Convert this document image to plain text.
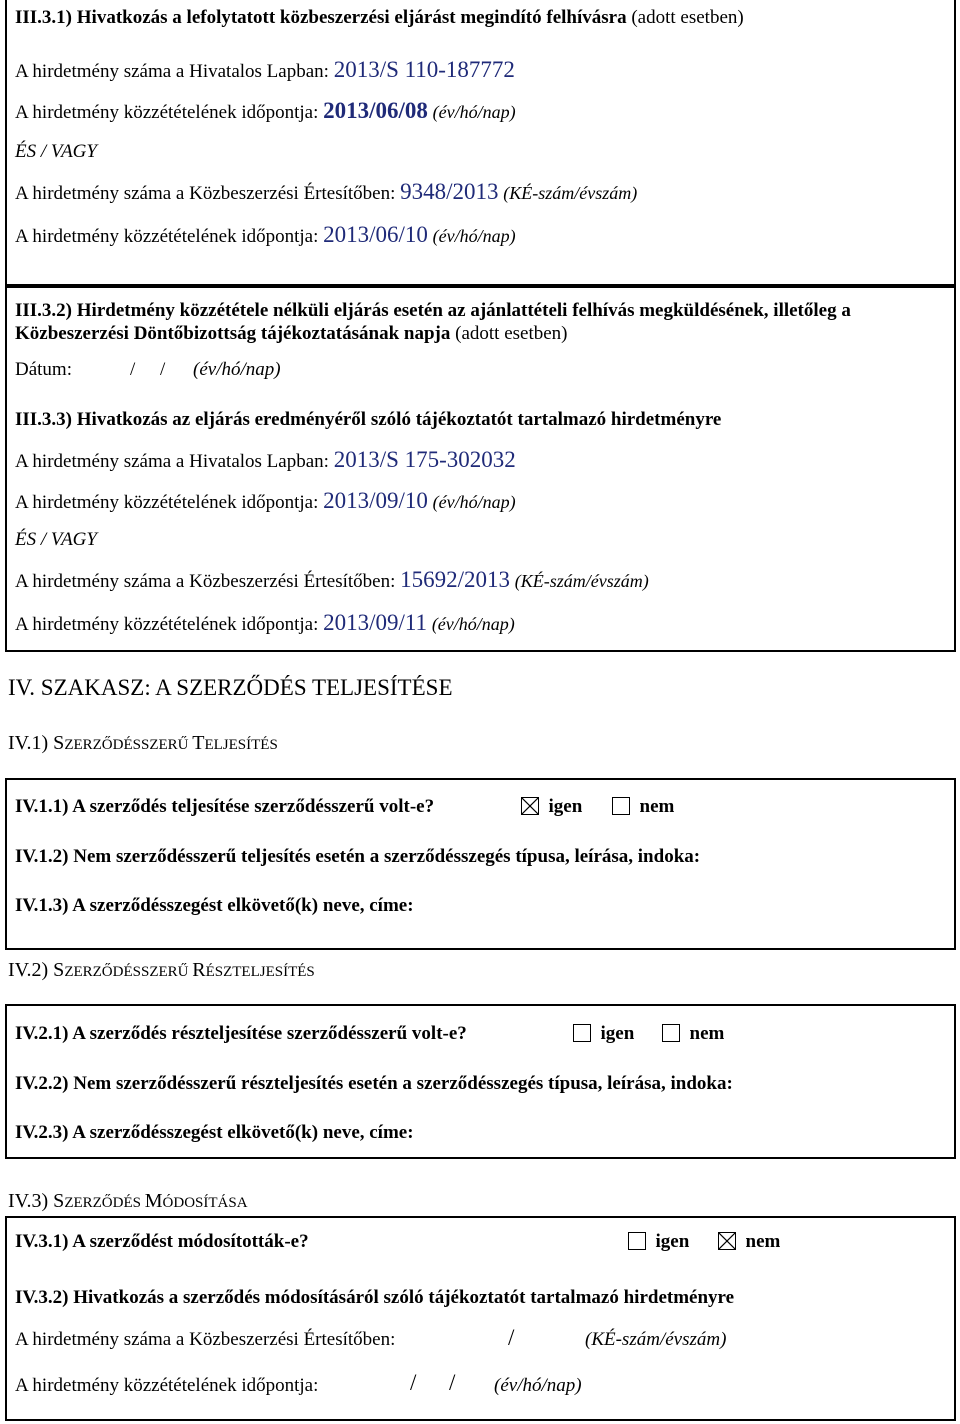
III.3.1) Hivatkozás a lefolytatott közbeszerzési eljárást megindító felhívásra (adott esetben)
A hirdetmény száma a Hivatalos Lapban: 2013/S 110-187772
A hirdetmény közzétételének időpontja: 2013/06/08 (év/hó/nap)
ÉS / VAGY
A hirdetmény száma a Közbeszerzési Értesítőben: 9348/2013 (KÉ-szám/évszám)
A hirdetmény közzétételének időpontja: 2013/06/10 (év/hó/nap)
III.3.2) Hirdetmény közzététele nélküli eljárás esetén az ajánlattételi felhívás megküldésének, illetőleg a
Közbeszerzési Döntőbizottság tájékoztatásának napja (adott esetben)
Dátum:	/ / (év/hó/nap)
III.3.3) Hivatkozás az eljárás eredményéről szóló tájékoztatót tartalmazó hirdetményre
A hirdetmény száma a Hivatalos Lapban: 2013/S 175-302032
A hirdetmény közzétételének időpontja: 2013/09/10 (év/hó/nap)
ÉS / VAGY
A hirdetmény száma a Közbeszerzési Értesítőben: 15692/2013 (KÉ-szám/évszám)
A hirdetmény közzétételének időpontja: 2013/09/11 (év/hó/nap)
IV. SZAKASZ: A SZERZŐDÉS TELJESÍTÉSE
IV.1) SZERZŐDÉSSZERŰ TELJESÍTÉS
IV.1.1) A szerződés teljesítése szerződésszerű volt-e?	igen	nem
IV.1.2) Nem szerződésszerű teljesítés esetén a szerződésszegés típusa, leírása, indoka:
IV.1.3) A szerződésszegést elkövető(k) neve, címe:
IV.2) SZERZŐDÉSSZERŰ RÉSZTELJESÍTÉS
IV.2.1) A szerződés részteljesítése szerződésszerű volt-e?	igen	nem
IV.2.2) Nem szerződésszerű részteljesítés esetén a szerződésszegés típusa, leírása, indoka:
IV.2.3) A szerződésszegést elkövető(k) neve, címe:
IV.3) SZERZŐDÉS MÓDOSÍTÁSA
IV.3.1) A szerződést módosították-e?	igen	nem
IV.3.2) Hivatkozás a szerződés módosításáról szóló tájékoztatót tartalmazó hirdetményre
A hirdetmény száma a Közbeszerzési Értesítőben:	/	(KÉ-szám/évszám)
A hirdetmény közzétételének időpontja:	/ / (év/hó/nap)
